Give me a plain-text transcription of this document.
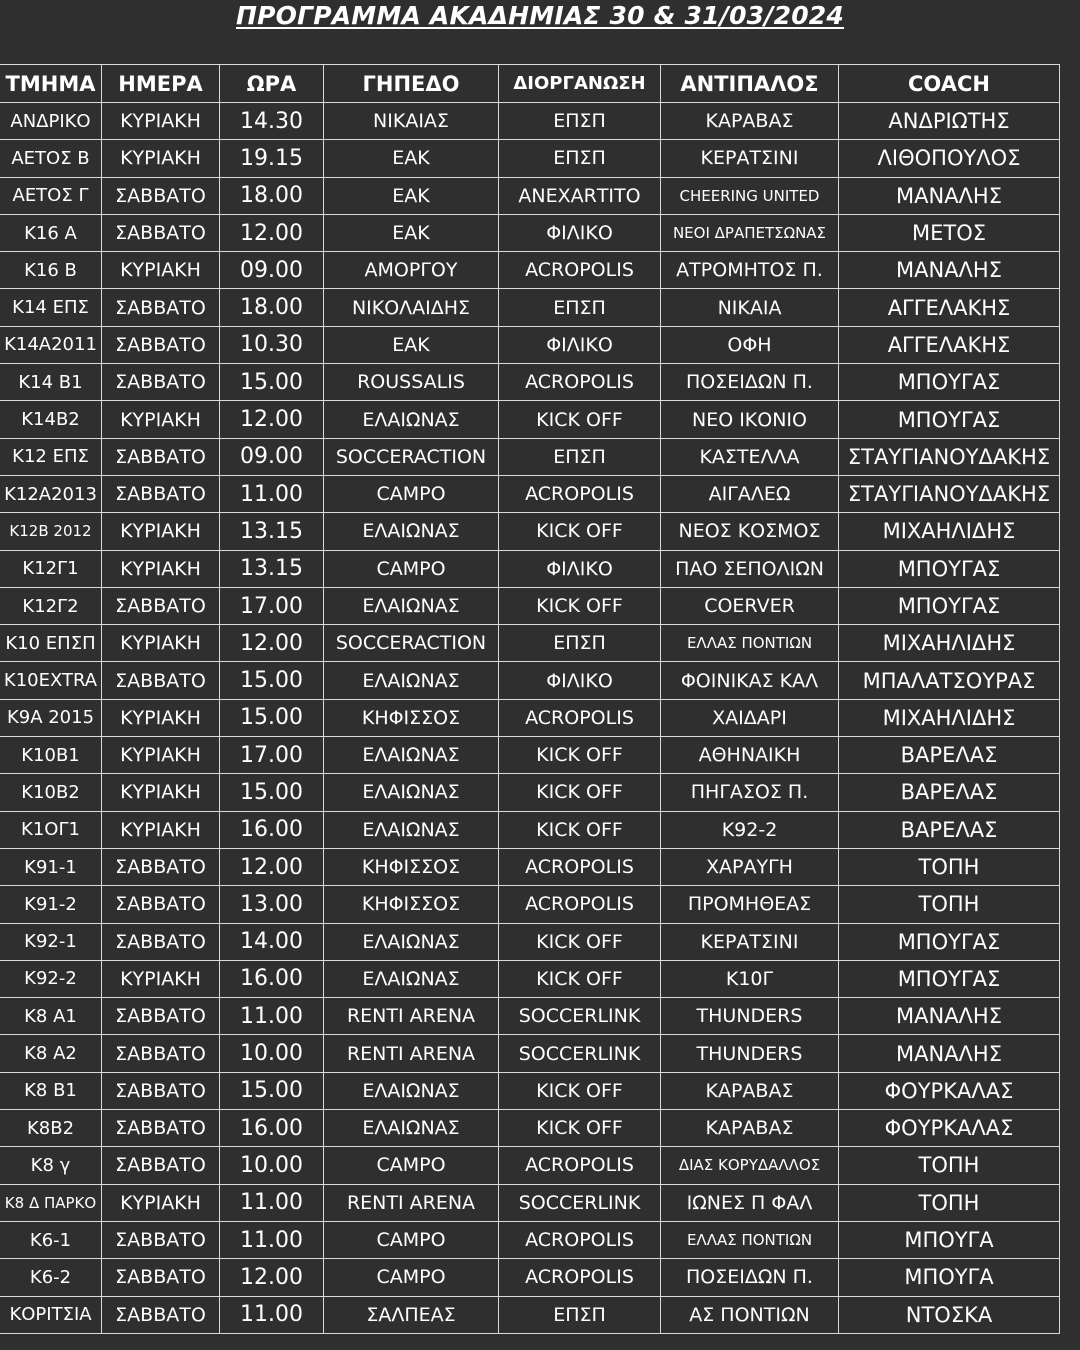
ΠΡΟΓΡΑΜΜΑ ΑΚΑΔΗΜΙΑΣ 30 & 31/03/2024
ΤΜΗΜΑ	ΗΜΕΡΑ	ΩΡΑ	ΓΗΠΕΔΟ	ΔΙΟΡΓΑΝΩΣΗ	ΑΝΤΙΠΑΛΟΣ	COACH
ΑΝΔΡΙΚΟ	ΚΥΡΙΑΚΗ	14.30	ΝΙΚΑΙΑΣ	ΕΠΣΠ	ΚΑΡΑΒΑΣ	ΑΝΔΡΙΩΤΗΣ
ΑΕΤΟΣ Β	ΚΥΡΙΑΚΗ	19.15	ΕΑΚ	ΕΠΣΠ	ΚΕΡΑΤΣΙΝΙ	ΛΙΘΟΠΟΥΛΟΣ
ΑΕΤΟΣ Γ	ΣΑΒΒΑΤΟ	18.00	ΕΑΚ	ΑΝΕΧΑRΤΙΤΟ	CHEERING UNITED	ΜΑΝΑΛΗΣ
Κ16 Α	ΣΑΒΒΑΤΟ	12.00	ΕΑΚ	ΦΙΛΙΚΟ	ΝΕΟΙ ΔΡΑΠΕΤΣΩΝΑΣ	ΜΕΤΟΣ
Κ16 Β	ΚΥΡΙΑΚΗ	09.00	ΑΜΟΡΓΟΥ	ACROPOLIS	ΑΤΡΟΜΗΤΟΣ Π.	ΜΑΝΑΛΗΣ
Κ14 ΕΠΣ	ΣΑΒΒΑΤΟ	18.00	ΝΙΚΟΛΑΙΔΗΣ	ΕΠΣΠ	ΝΙΚΑΙΑ	ΑΓΓΕΛΑΚΗΣ
Κ14Α2011	ΣΑΒΒΑΤΟ	10.30	ΕΑΚ	ΦΙΛΙΚΟ	ΟΦΗ	ΑΓΓΕΛΑΚΗΣ
Κ14 Β1	ΣΑΒΒΑΤΟ	15.00	ROUSSALIS	ACROPOLIS	ΠΟΣΕΙΔΩΝ Π.	ΜΠΟΥΓΑΣ
Κ14Β2	ΚΥΡΙΑΚΗ	12.00	ΕΛΑΙΩΝΑΣ	KICK OFF	ΝΕΟ ΙΚΟΝΙΟ	ΜΠΟΥΓΑΣ
Κ12 ΕΠΣ	ΣΑΒΒΑΤΟ	09.00	SOCCERACTION	ΕΠΣΠ	ΚΑΣΤΕΛΛΑ	ΣΤΑΥΓΙΑΝΟΥΔΑΚΗΣ
Κ12Α2013	ΣΑΒΒΑΤΟ	11.00	CAMPO	ACROPOLIS	ΑΙΓΑΛΕΩ	ΣΤΑΥΓΙΑΝΟΥΔΑΚΗΣ
Κ12Β 2012	ΚΥΡΙΑΚΗ	13.15	ΕΛΑΙΩΝΑΣ	KICK OFF	ΝΕΟΣ ΚΟΣΜΟΣ	ΜΙΧΑΗΛΙΔΗΣ
Κ12Γ1	ΚΥΡΙΑΚΗ	13.15	CAMPO	ΦΙΛΙΚΟ	ΠΑΟ ΣΕΠΟΛΙΩΝ	ΜΠΟΥΓΑΣ
Κ12Γ2	ΣΑΒΒΑΤΟ	17.00	ΕΛΑΙΩΝΑΣ	KICK OFF	COERVER	ΜΠΟΥΓΑΣ
Κ10 ΕΠΣΠ	ΚΥΡΙΑΚΗ	12.00	SOCCERACTION	ΕΠΣΠ	ΕΛΛΑΣ ΠΟΝΤΙΩΝ	ΜΙΧΑΗΛΙΔΗΣ
Κ10EXTRA	ΣΑΒΒΑΤΟ	15.00	ΕΛΑΙΩΝΑΣ	ΦΙΛΙΚΟ	ΦΟΙΝΙΚΑΣ ΚΑΛ	ΜΠΑΛΑΤΣΟΥΡΑΣ
Κ9Α 2015	ΚΥΡΙΑΚΗ	15.00	ΚΗΦΙΣΣΟΣ	ACROPOLIS	ΧΑΙΔΑΡΙ	ΜΙΧΑΗΛΙΔΗΣ
Κ10Β1	ΚΥΡΙΑΚΗ	17.00	ΕΛΑΙΩΝΑΣ	KICK OFF	ΑΘΗΝΑΙΚΗ	ΒΑΡΕΛΑΣ
Κ10Β2	ΚΥΡΙΑΚΗ	15.00	ΕΛΑΙΩΝΑΣ	KICK OFF	ΠΗΓΑΣΟΣ Π.	ΒΑΡΕΛΑΣ
Κ1ΟΓ1	ΚΥΡΙΑΚΗ	16.00	ΕΛΑΙΩΝΑΣ	KICK OFF	Κ92-2	ΒΑΡΕΛΑΣ
Κ91-1	ΣΑΒΒΑΤΟ	12.00	ΚΗΦΙΣΣΟΣ	ACROPOLIS	ΧΑΡΑΥΓΗ	ΤΟΠΗ
Κ91-2	ΣΑΒΒΑΤΟ	13.00	ΚΗΦΙΣΣΟΣ	ACROPOLIS	ΠΡΟΜΗΘΕΑΣ	ΤΟΠΗ
Κ92-1	ΣΑΒΒΑΤΟ	14.00	ΕΛΑΙΩΝΑΣ	KICK OFF	ΚΕΡΑΤΣΙΝΙ	ΜΠΟΥΓΑΣ
Κ92-2	ΚΥΡΙΑΚΗ	16.00	ΕΛΑΙΩΝΑΣ	KICK OFF	Κ10Γ	ΜΠΟΥΓΑΣ
Κ8 Α1	ΣΑΒΒΑΤΟ	11.00	RENTI ARENA	SOCCERLINK	THUNDERS	ΜΑΝΑΛΗΣ
Κ8 Α2	ΣΑΒΒΑΤΟ	10.00	RENTI ARENA	SOCCERLINK	THUNDERS	ΜΑΝΑΛΗΣ
Κ8 Β1	ΣΑΒΒΑΤΟ	15.00	ΕΛΑΙΩΝΑΣ	KICK OFF	ΚΑΡΑΒΑΣ	ΦΟΥΡΚΑΛΑΣ
Κ8Β2	ΣΑΒΒΑΤΟ	16.00	ΕΛΑΙΩΝΑΣ	KICK OFF	ΚΑΡΑΒΑΣ	ΦΟΥΡΚΑΛΑΣ
Κ8 γ	ΣΑΒΒΑΤΟ	10.00	CAMPO	ACROPOLIS	ΔΙΑΣ ΚΟΡΥΔΑΛΛΟΣ	ΤΟΠΗ
Κ8 Δ ΠΑΡΚΟ	ΚΥΡΙΑΚΗ	11.00	RENTI ARENA	SOCCERLINK	ΙΩΝΕΣ Π ΦΑΛ	ΤΟΠΗ
Κ6-1	ΣΑΒΒΑΤΟ	11.00	CAMPO	ACROPOLIS	ΕΛΛΑΣ ΠΟΝΤΙΩΝ	ΜΠΟΥΓΑ
Κ6-2	ΣΑΒΒΑΤΟ	12.00	CAMPO	ACROPOLIS	ΠΟΣΕΙΔΩΝ Π.	ΜΠΟΥΓΑ
ΚΟΡΙΤΣΙΑ	ΣΑΒΒΑΤΟ	11.00	ΣΑΛΠΕΑΣ	ΕΠΣΠ	ΑΣ ΠΟΝΤΙΩΝ	ΝΤΟΣΚΑ
